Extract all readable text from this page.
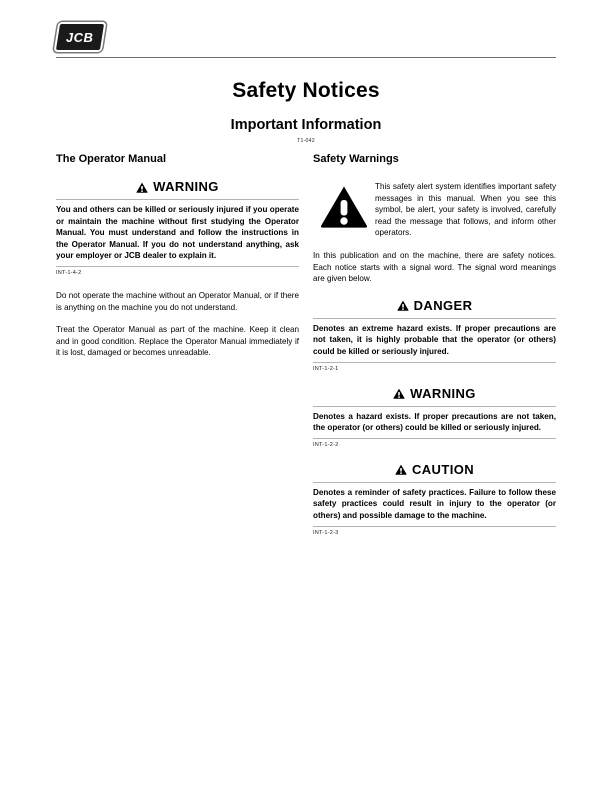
JCB
Safety Notices
Important Information
T1-042
The Operator Manual
WARNING

You and others can be killed or seriously injured if you operate or maintain the machine without first studying the Operator Manual. You must understand and follow the instructions in the Operator Manual. If you do not understand anything, ask your employer or JCB dealer to explain it.

INT-1-4-2

Do not operate the machine without an Operator Manual, or if there is anything on the machine you do not understand.

Treat the Operator Manual as part of the machine. Keep it clean and in good condition. Replace the Operator Manual immediately if it is lost, damaged or becomes unreadable.

Safety Warnings

This safety alert system identifies important safety messages in this manual. When you see this symbol, be alert, your safety is involved, carefully read the message that follows, and inform other operators.

In this publication and on the machine, there are safety notices. Each notice starts with a signal word. The signal word meanings are given below.

DANGER

Denotes an extreme hazard exists. If proper precautions are not taken, it is highly probable that the operator (or others) could be killed or seriously injured.

INT-1-2-1
WARNING

Denotes a hazard exists. If proper precautions are not taken, the operator (or others) could be killed or seriously injured.

INT-1-2-2
CAUTION

Denotes a reminder of safety practices. Failure to follow these safety practices could result in injury to the operator (or others) and possible damage to the machine.

INT-1-2-3
